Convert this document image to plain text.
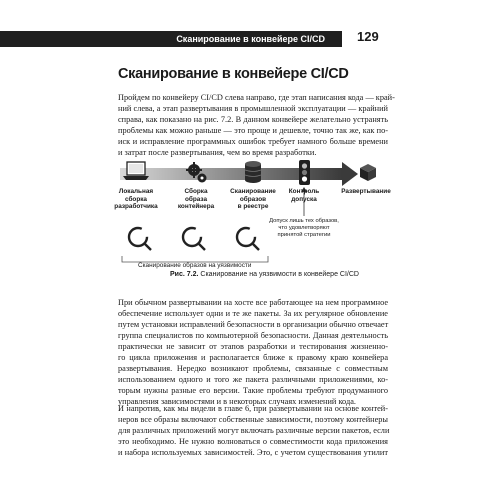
Сканирование в конвейере CI/CD 129
Сканирование в конвейере CI/CD
Пройдем по конвейеру CI/CD слева направо, где этап написания кода — край-
ний слева, а этап развертывания в промышленной эксплуатации — крайний
справа, как показано на рис. 7.2. В данном конвейере желательно устранять
проблемы как можно раньше — это проще и дешевле, точно так же, как по-
иск и исправление программных ошибок требует намного больше времени
и затрат после развертывания, чем во время разработки.
Локальная
сборка
разработчика
Сборка
образа
контейнера
Сканирование
образов
в реестре
Контроль
допуска
Развертывание
Допуск лишь тех образов,
что удовлетворяют
принятой стратегии
Сканирование образов на уязвимости
Рис. 7.2. Сканирование на уязвимости в конвейере CI/CD
При обычном развертывании на хосте все работающее на нем программное
обеспечение использует одни и те же пакеты. За их регулярное обновление
путем установки исправлений безопасности в организации обычно отвечает
группа специалистов по компьютерной безопасности. Данная деятельность
практически не зависит от этапов разработки и тестирования жизненно-
го цикла приложения и располагается ближе к правому краю конвейера
развертывания. Нередко возникают проблемы, связанные с совместным
использованием одного и того же пакета различными приложениями, ко-
торым нужны разные его версии. Такие проблемы требуют продуманного
управления зависимостями и в некоторых случаях изменений кода.
И напротив, как мы видели в главе 6, при развертывании на основе контей-
неров все образы включают собственные зависимости, поэтому контейнеры
для различных приложений могут включать различные версии пакетов, если
это необходимо. Не нужно волноваться о совместимости кода приложения
и набора используемых зависимостей. Это, с учетом существования утилит
